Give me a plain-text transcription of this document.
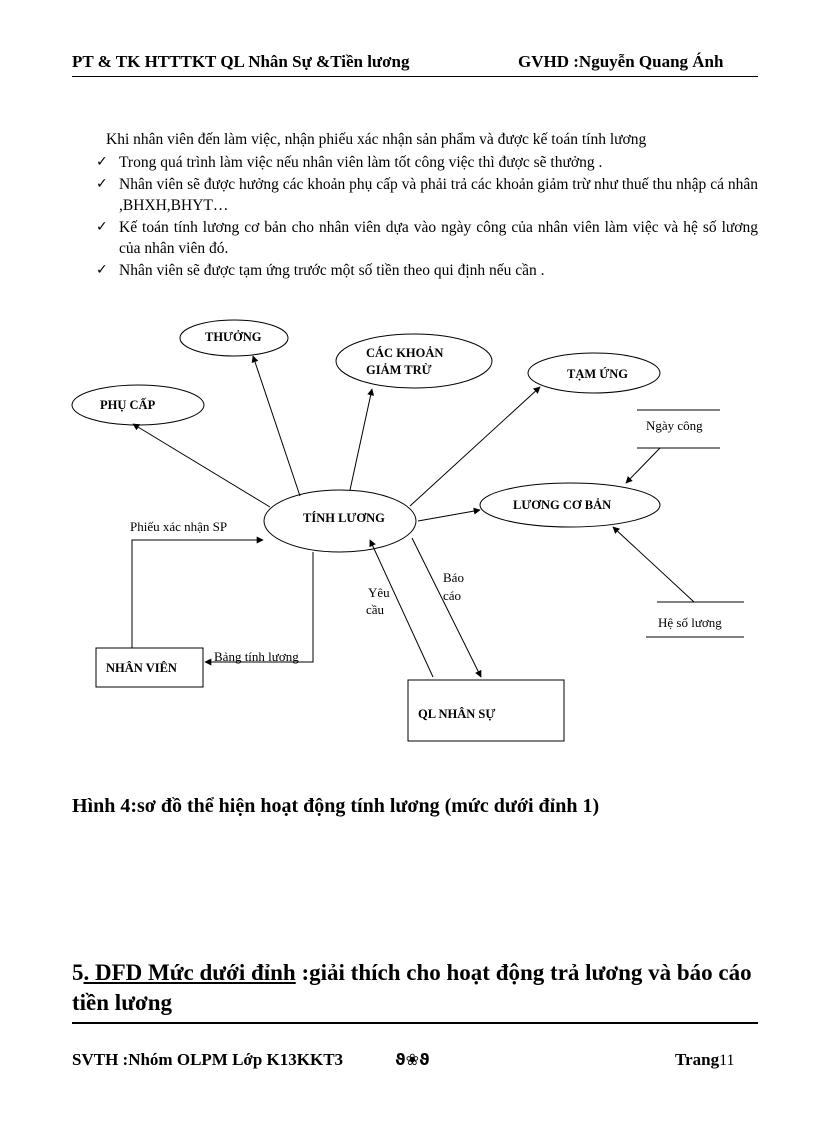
PT & TK HTTTKT QL Nhân Sự &Tiền lương	GVHD :Nguyễn Quang Ánh
Khi nhân viên đến làm việc, nhận phiếu xác nhận sản phẩm và được kế toán tính lương
✓ Trong quá trình làm việc nếu nhân viên làm tốt công việc thì được sẽ thưởng .
✓ Nhân viên sẽ được hưởng các khoản phụ cấp và phải trả các khoản giảm trừ như thuế thu nhập cá nhân ,BHXH,BHYT…
✓ Kế toán tính lương cơ bản cho nhân viên dựa vào ngày công của nhân viên làm việc và hệ số lương của nhân viên đó.
✓ Nhân viên sẽ được tạm ứng trước một số tiền theo qui định nếu cần .
THƯỞNG
CÁC KHOẢN
GIẢM TRỪ	TẠM ỨNG
PHỤ CẤP
TÍNH LƯƠNG
LƯƠNG CƠ BẢN
QL NHÂN SỰ
NHÂN VIÊN
Ngày công
Hệ số lương
Phiếu xác nhận SP
Bảng tính lương
Yêu
cầu
Báo
cáo
Hình 4:sơ đồ thể hiện hoạt động tính lương (mức dưới đỉnh 1)
5. DFD Mức dưới đỉnh :giải thích cho hoạt động trả lương và báo cáo tiền lương
SVTH :Nhóm OLPM Lớp K13KKT3	ϑ❀ϑ	Trang11
